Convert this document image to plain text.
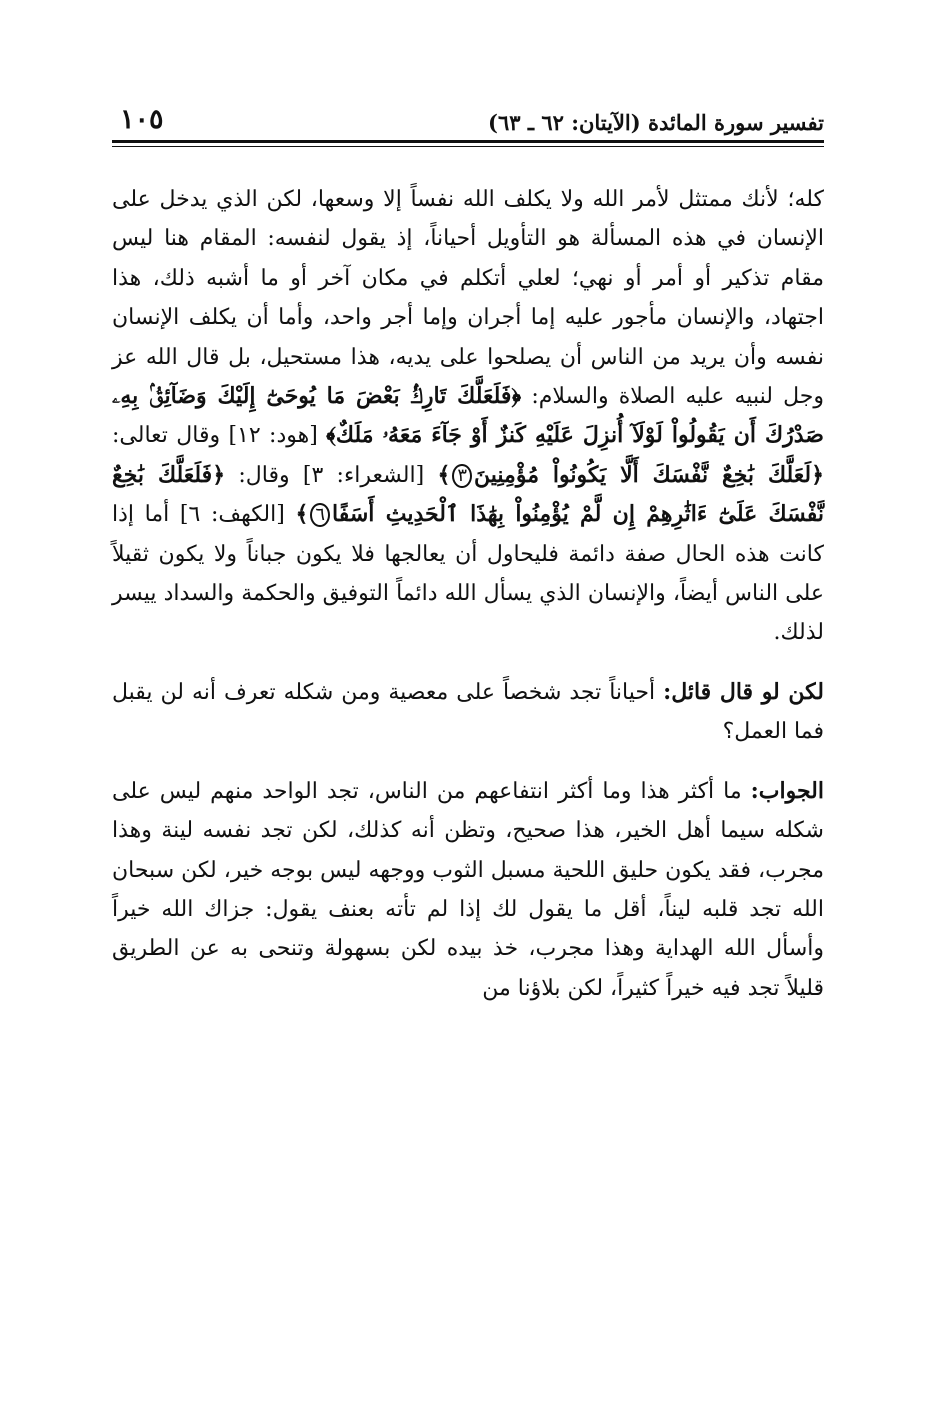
تفسير سورة المائدة (الآيتان: ٦٢ ـ ٦٣)
١٠٥

كله؛ لأنك ممتثل لأمر الله ولا يكلف الله نفساً إلا وسعها، لكن الذي يدخل على الإنسان في هذه المسألة هو التأويل أحياناً، إذ يقول لنفسه: المقام هنا ليس مقام تذكير أو أمر أو نهي؛ لعلي أتكلم في مكان آخر أو ما أشبه ذلك، هذا اجتهاد، والإنسان مأجور عليه إما أجران وإما أجر واحد، وأما أن يكلف الإنسان نفسه وأن يريد من الناس أن يصلحوا على يديه، هذا مستحيل، بل قال الله عز وجل لنبيه عليه الصلاة والسلام: ﴿فَلَعَلَّكَ تَارِكُۢ بَعْضَ مَا يُوحَىٰٓ إِلَيْكَ وَضَآئِقُۢ بِهِۦ صَدْرُكَ أَن يَقُولُواْ لَوْلَآ أُنزِلَ عَلَيْهِ كَنزٌ أَوْ جَآءَ مَعَهُۥ مَلَكٌ﴾ [هود: ١٢] وقال تعالى: ﴿لَعَلَّكَ بَٰخِعٌ نَّفْسَكَ أَلَّا يَكُونُواْ مُؤْمِنِينَ٣﴾ [الشعراء: ٣] وقال: ﴿فَلَعَلَّكَ بَٰخِعٌ نَّفْسَكَ عَلَىٰٓ ءَاثَٰرِهِمْ إِن لَّمْ يُؤْمِنُواْ بِهَٰذَا ٱلْحَدِيثِ أَسَفًا٦﴾ [الكهف: ٦] أما إذا كانت هذه الحال صفة دائمة فليحاول أن يعالجها فلا يكون جباناً ولا يكون ثقيلاً على الناس أيضاً، والإنسان الذي يسأل الله دائماً التوفيق والحكمة والسداد ييسر لذلك.

لكن لو قال قائل: أحياناً تجد شخصاً على معصية ومن شكله تعرف أنه لن يقبل فما العمل؟

الجواب: ما أكثر هذا وما أكثر انتفاعهم من الناس، تجد الواحد منهم ليس على شكله سيما أهل الخير، هذا صحيح، وتظن أنه كذلك، لكن تجد نفسه لينة وهذا مجرب، فقد يكون حليق اللحية مسبل الثوب ووجهه ليس بوجه خير، لكن سبحان الله تجد قلبه ليناً، أقل ما يقول لك إذا لم تأته بعنف يقول: جزاك الله خيراً وأسأل الله الهداية وهذا مجرب، خذ بيده لكن بسهولة وتنحى به عن الطريق قليلاً تجد فيه خيراً كثيراً، لكن بلاؤنا من
